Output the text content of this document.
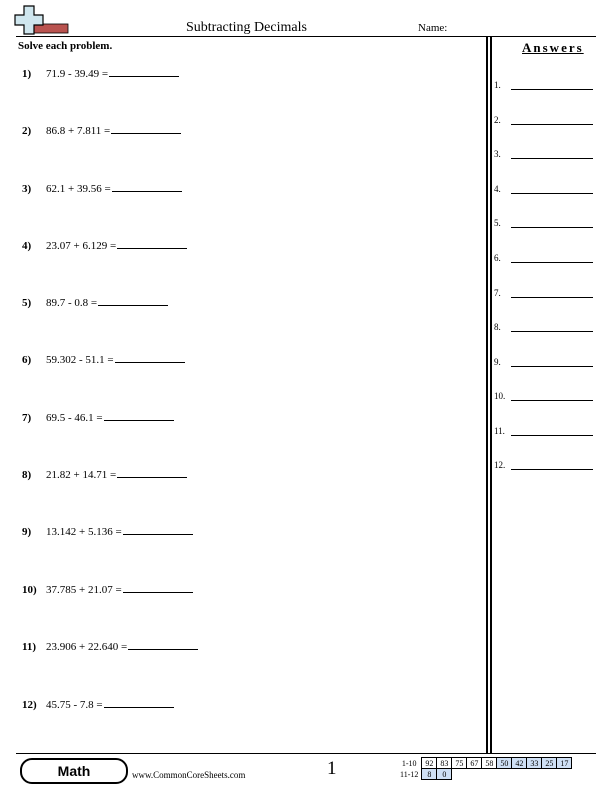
Subtracting Decimals	Name:
Solve each problem.	Answers
1)	71.9 - 39.49 =
2)	86.8 + 7.811 =
3)	62.1 + 39.56 =
4)	23.07 + 6.129 =
5)	89.7 - 0.8 =
6)	59.302 - 51.1 =
7)	69.5 - 46.1 =
8)	21.82 + 14.71 =
9)	13.142 + 5.136 =
10) 37.785 + 21.07 =
11) 23.906 + 22.640 =
12) 45.75 - 7.8 =
1.
2.
3.
4.
5.
6.
7.
8.
9.
10.
11.
12.
Math	www.CommonCoreSheets.com	1	1-10	92	83	75	67	58	50	42	33	25	17
11-12	8	0								
